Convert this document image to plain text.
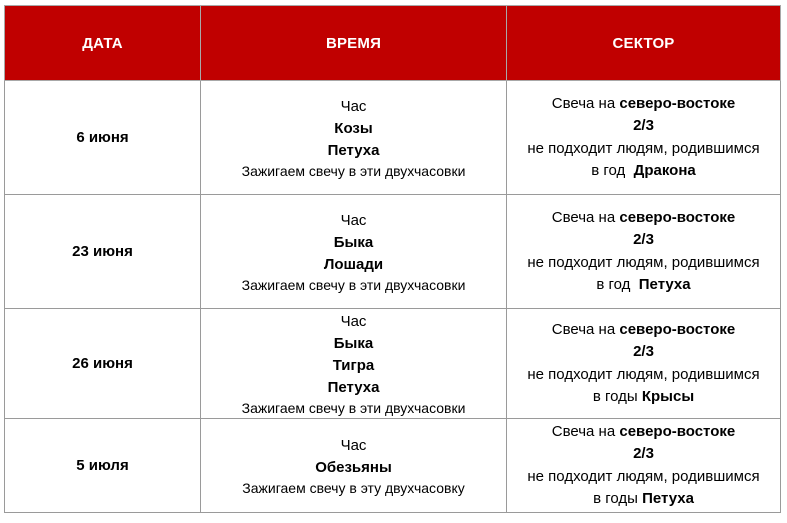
ДАТА	ВРЕМЯ	СЕКТОР
6 июня	Час
Козы
Петуха
Зажигаем свечу в эти двухчасовки	Свеча на северо-востоке
2/3
не подходит людям, родившимся
в год  Дракона

23 июня	Час
Быка
Лошади
Зажигаем свечу в эти двухчасовки	Свеча на северо-востоке
2/3
не подходит людям, родившимся
в год  Петуха

26 июня	Час
Быка
Тигра
Петуха
Зажигаем свечу в эти двухчасовки	Свеча на северо-востоке
2/3
не подходит людям, родившимся
в годы Крысы

5 июля	Час
Обезьяны
Зажигаем свечу в эту двухчасовку	Свеча на северо-востоке
2/3
не подходит людям, родившимся
в годы Петуха
